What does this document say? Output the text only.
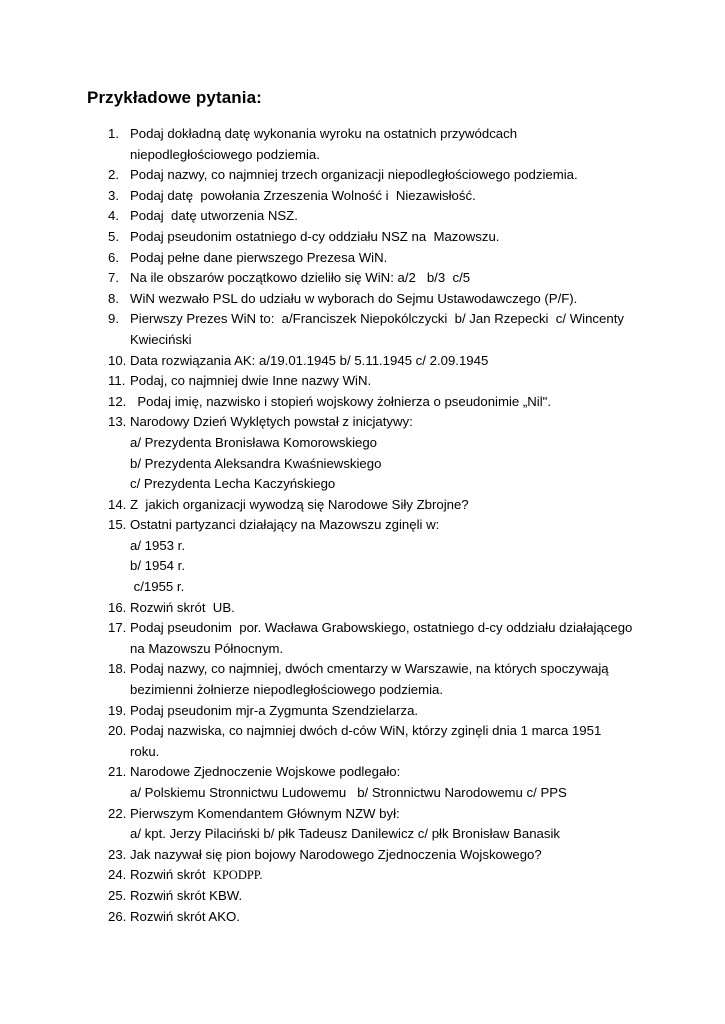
Przykładowe pytania:
1. Podaj dokładną datę wykonania wyroku na ostatnich przywódcach
niepodległościowego podziemia.
2. Podaj nazwy, co najmniej trzech organizacji niepodległościowego podziemia.
3. Podaj datę  powołania Zrzeszenia Wolność i  Niezawisłość.
4. Podaj  datę utworzenia NSZ.
5. Podaj pseudonim ostatniego d-cy oddziału NSZ na  Mazowszu.
6. Podaj pełne dane pierwszego Prezesa WiN.
7. Na ile obszarów początkowo dzieliło się WiN: a/2   b/3  c/5
8. WiN wezwało PSL do udziału w wyborach do Sejmu Ustawodawczego (P/F).
9. Pierwszy Prezes WiN to:  a/Franciszek Niepokólczycki  b/ Jan Rzepecki  c/ Wincenty
Kwieciński
10. Data rozwiązania AK: a/19.01.1945 b/ 5.11.1945 c/ 2.09.1945
11. Podaj, co najmniej dwie Inne nazwy WiN.
12. Podaj imię, nazwisko i stopień wojskowy żołnierza o pseudonimie „Nil".
13. Narodowy Dzień Wyklętych powstał z inicjatywy:
a/ Prezydenta Bronisława Komorowskiego
b/ Prezydenta Aleksandra Kwaśniewskiego
c/ Prezydenta Lecha Kaczyńskiego
14. Z  jakich organizacji wywodzą się Narodowe Siły Zbrojne?
15. Ostatni partyzanci działający na Mazowszu zginęli w:
a/ 1953 r.
b/ 1954 r.
c/1955 r.
16. Rozwiń skrót  UB.
17. Podaj pseudonim  por. Wacława Grabowskiego, ostatniego d-cy oddziału działającego
na Mazowszu Północnym.
18. Podaj nazwy, co najmniej, dwóch cmentarzy w Warszawie, na których spoczywają
bezimienni żołnierze niepodległościowego podziemia.
19. Podaj pseudonim mjr-a Zygmunta Szendzielarza.
20. Podaj nazwiska, co najmniej dwóch d-ców WiN, którzy zginęli dnia 1 marca 1951
roku.
21. Narodowe Zjednoczenie Wojskowe podlegało:
a/ Polskiemu Stronnictwu Ludowemu   b/ Stronnictwu Narodowemu c/ PPS
22. Pierwszym Komendantem Głównym NZW był:
a/ kpt. Jerzy Pilaciński b/ płk Tadeusz Danilewicz c/ płk Bronisław Banasik
23. Jak nazywał się pion bojowy Narodowego Zjednoczenia Wojskowego?
24. Rozwiń skrót  KPODPP.
25. Rozwiń skrót KBW.
26. Rozwiń skrót AKO.
